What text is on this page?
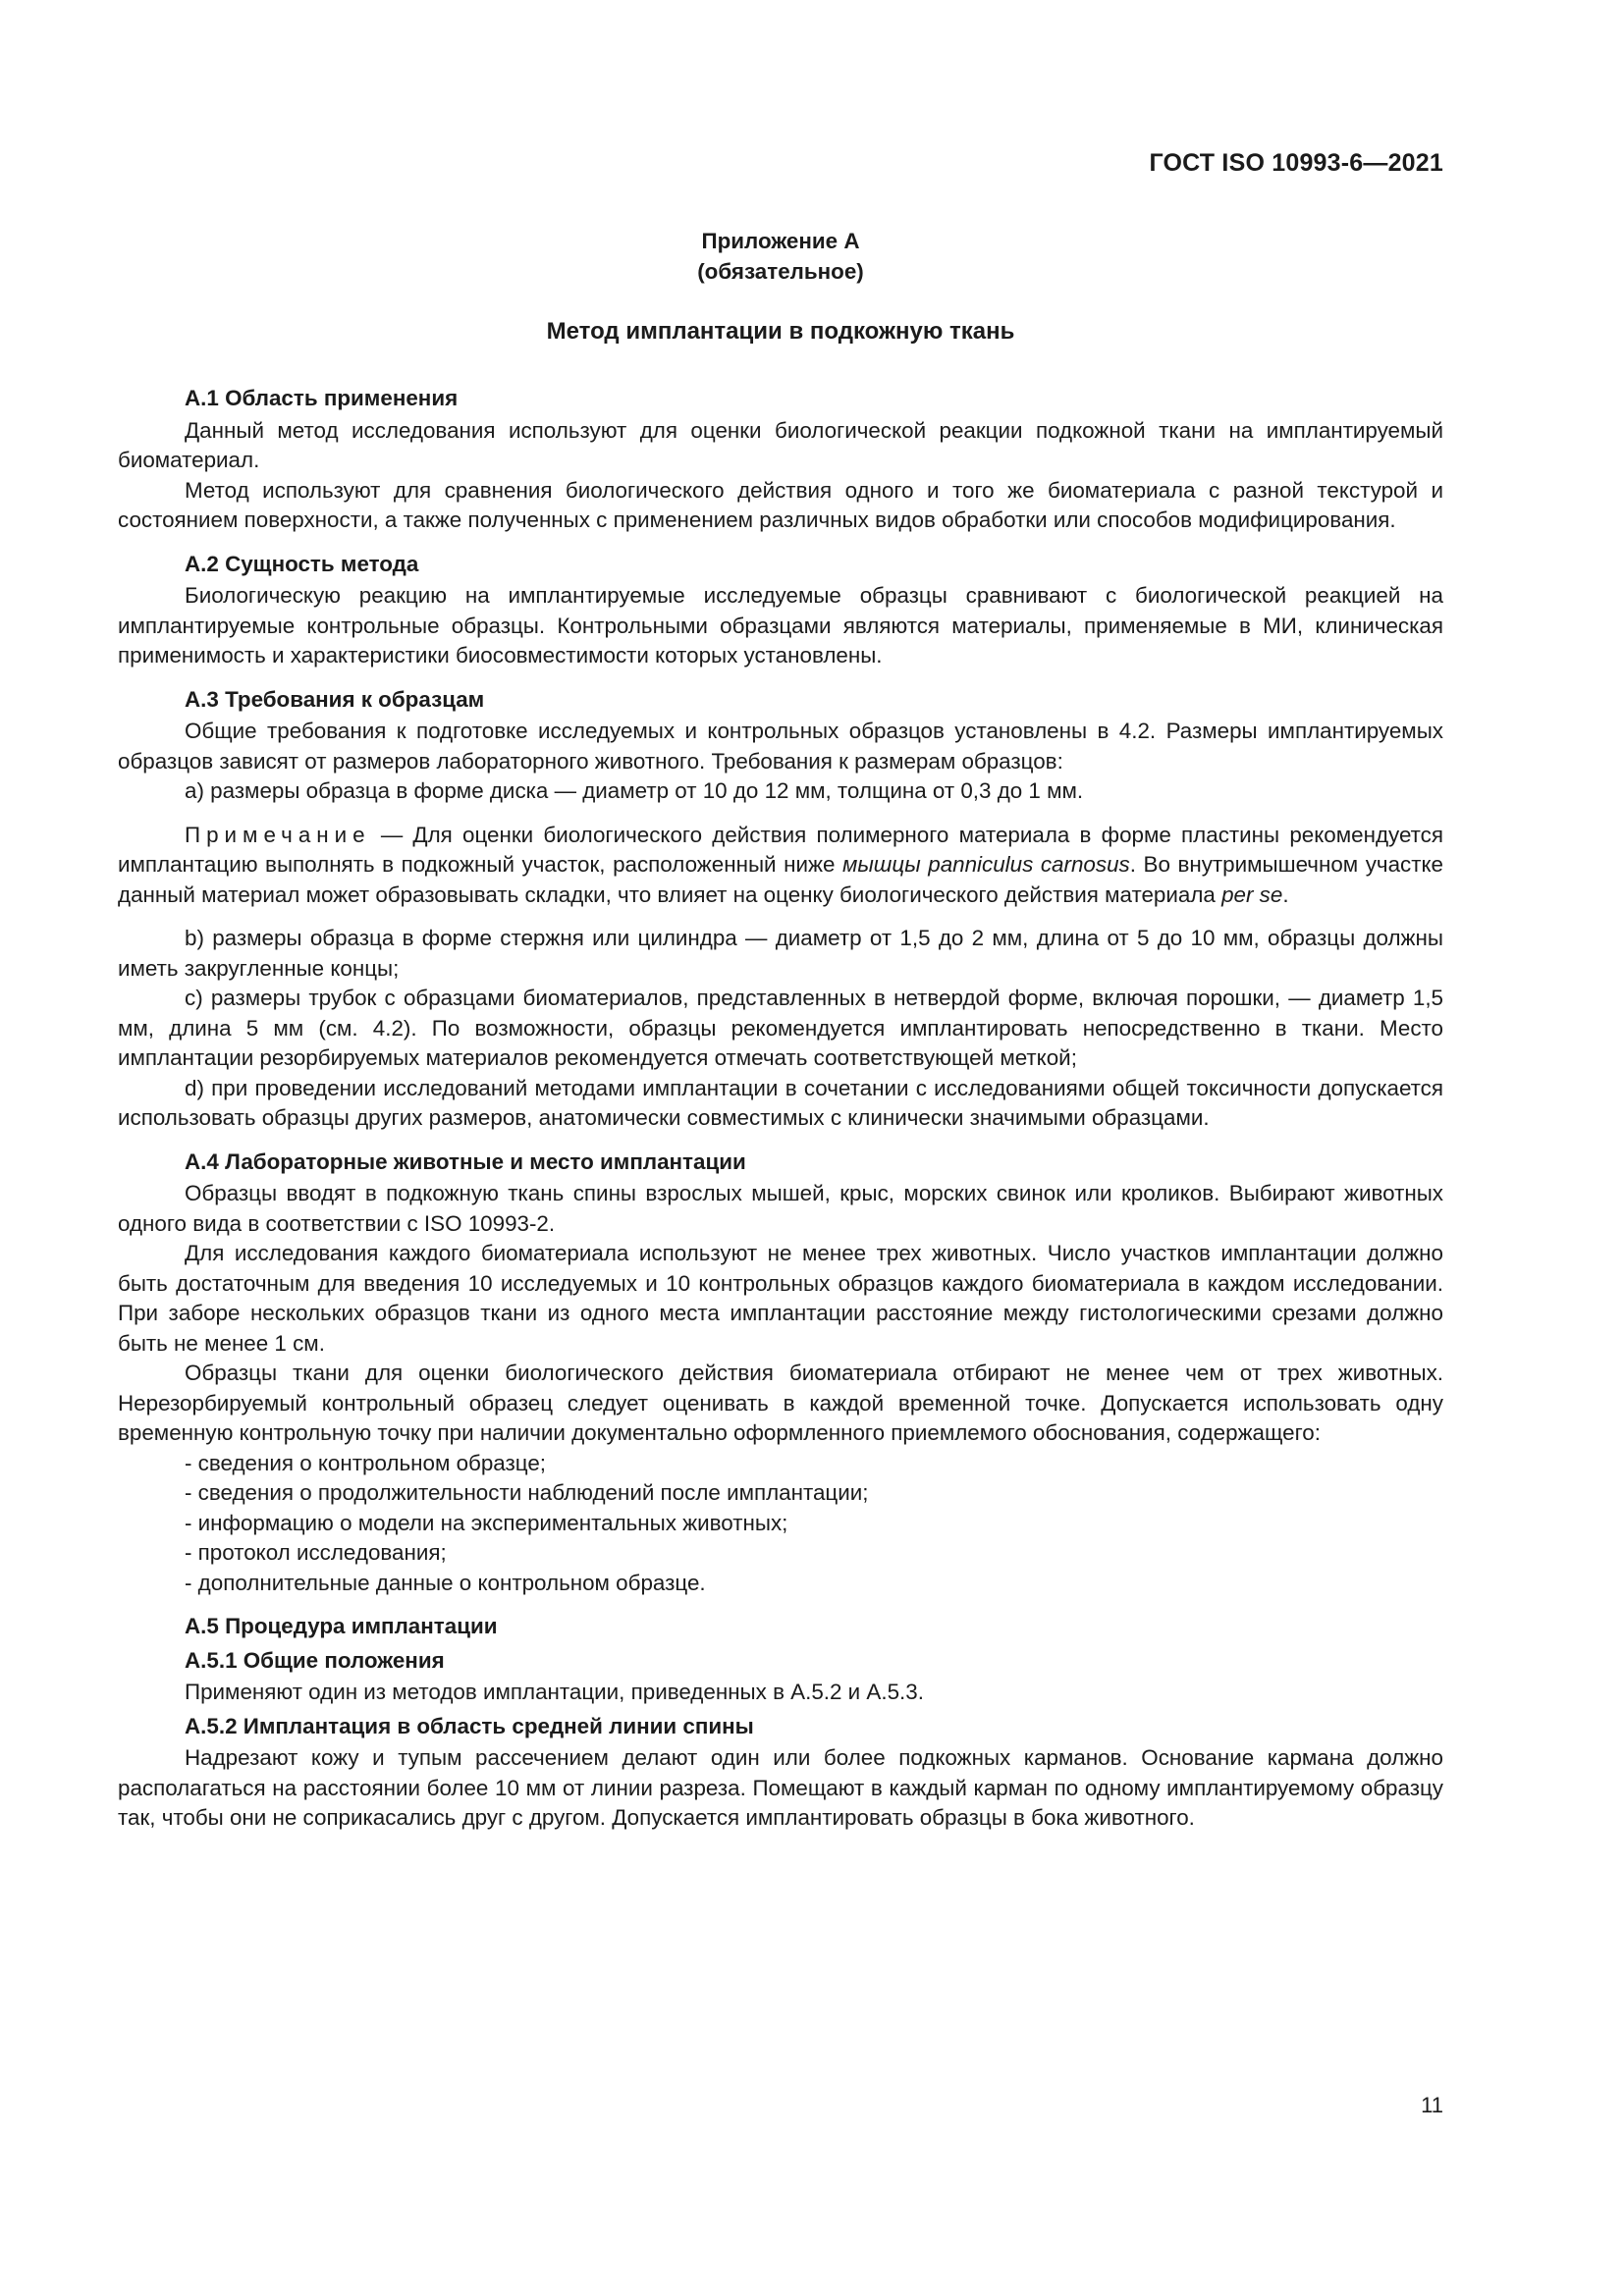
ГОСТ ISO 10993-6—2021

Приложение А

(обязательное)

Метод имплантации в подкожную ткань

А.1 Область применения

Данный метод исследования используют для оценки биологической реакции подкожной ткани на имплантируемый биоматериал.

Метод используют для сравнения биологического действия одного и того же биоматериала с разной текстурой и состоянием поверхности, а также полученных с применением различных видов обработки или способов модифицирования.

А.2 Сущность метода

Биологическую реакцию на имплантируемые исследуемые образцы сравнивают с биологической реакцией на имплантируемые контрольные образцы. Контрольными образцами являются материалы, применяемые в МИ, клиническая применимость и характеристики биосовместимости которых установлены.

А.3 Требования к образцам

Общие требования к подготовке исследуемых и контрольных образцов установлены в 4.2. Размеры имплантируемых образцов зависят от размеров лабораторного животного. Требования к размерам образцов:

а) размеры образца в форме диска — диаметр от 10 до 12 мм, толщина от 0,3 до 1 мм.

Примечание — Для оценки биологического действия полимерного материала в форме пластины рекомендуется имплантацию выполнять в подкожный участок, расположенный ниже мышцы panniculus carnosus. Во внутримышечном участке данный материал может образовывать складки, что влияет на оценку биологического действия материала per se.

b) размеры образца в форме стержня или цилиндра — диаметр от 1,5 до 2 мм, длина от 5 до 10 мм, образцы должны иметь закругленные концы;

c) размеры трубок с образцами биоматериалов, представленных в нетвердой форме, включая порошки, — диаметр 1,5 мм, длина 5 мм (см. 4.2). По возможности, образцы рекомендуется имплантировать непосредственно в ткани. Место имплантации резорбируемых материалов рекомендуется отмечать соответствующей меткой;

d) при проведении исследований методами имплантации в сочетании с исследованиями общей токсичности допускается использовать образцы других размеров, анатомически совместимых с клинически значимыми образцами.

А.4 Лабораторные животные и место имплантации

Образцы вводят в подкожную ткань спины взрослых мышей, крыс, морских свинок или кроликов. Выбирают животных одного вида в соответствии с ISO 10993-2.

Для исследования каждого биоматериала используют не менее трех животных. Число участков имплантации должно быть достаточным для введения 10 исследуемых и 10 контрольных образцов каждого биоматериала в каждом исследовании. При заборе нескольких образцов ткани из одного места имплантации расстояние между гистологическими срезами должно быть не менее 1 см.

Образцы ткани для оценки биологического действия биоматериала отбирают не менее чем от трех животных. Нерезорбируемый контрольный образец следует оценивать в каждой временной точке. Допускается использовать одну временную контрольную точку при наличии документально оформленного приемлемого обоснования, содержащего:

- сведения о контрольном образце;
- сведения о продолжительности наблюдений после имплантации;
- информацию о модели на экспериментальных животных;
- протокол исследования;
- дополнительные данные о контрольном образце.
А.5 Процедура имплантации
А.5.1 Общие положения

Применяют один из методов имплантации, приведенных в А.5.2 и А.5.3.

А.5.2 Имплантация в область средней линии спины

Надрезают кожу и тупым рассечением делают один или более подкожных карманов. Основание кармана должно располагаться на расстоянии более 10 мм от линии разреза. Помещают в каждый карман по одному имплантируемому образцу так, чтобы они не соприкасались друг с другом. Допускается имплантировать образцы в бока животного.

11
